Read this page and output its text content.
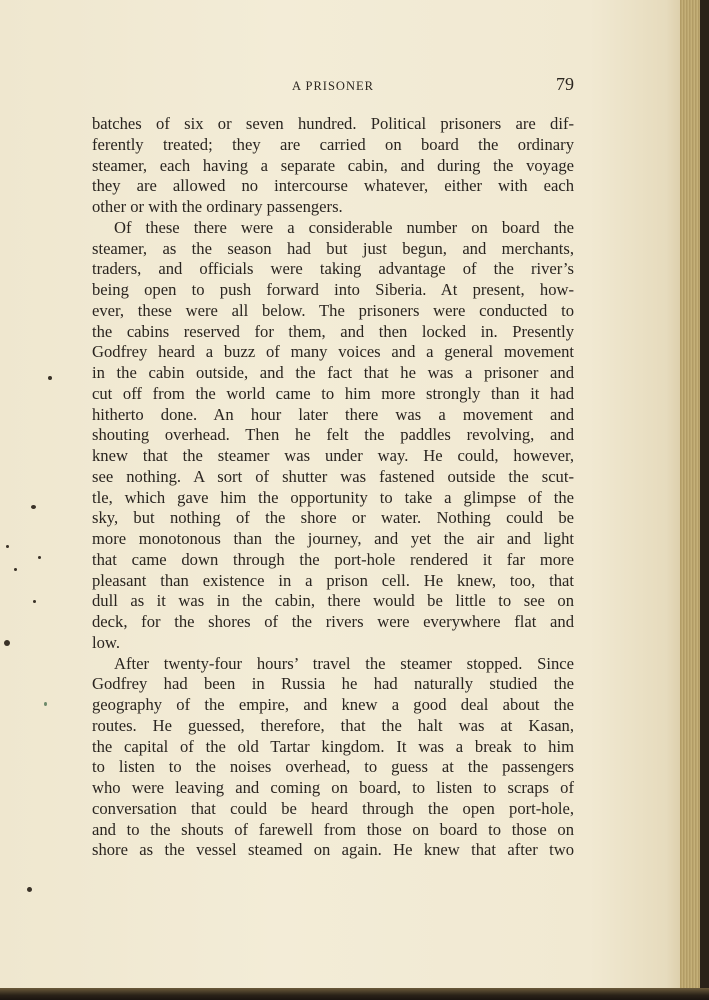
A PRISONER	79
batches of six or seven hundred. Political prisoners are dif-
ferently treated; they are carried on board the ordinary
steamer, each having a separate cabin, and during the voyage
they are allowed no intercourse whatever, either with each
other or with the ordinary passengers.
Of these there were a considerable number on board the
steamer, as the season had but just begun, and merchants,
traders, and officials were taking advantage of the river’s
being open to push forward into Siberia. At present, how-
ever, these were all below. The prisoners were conducted to
the cabins reserved for them, and then locked in. Presently
Godfrey heard a buzz of many voices and a general movement
in the cabin outside, and the fact that he was a prisoner and
cut off from the world came to him more strongly than it had
hitherto done. An hour later there was a movement and
shouting overhead. Then he felt the paddles revolving, and
knew that the steamer was under way. He could, however,
see nothing. A sort of shutter was fastened outside the scut-
tle, which gave him the opportunity to take a glimpse of the
sky, but nothing of the shore or water. Nothing could be
more monotonous than the journey, and yet the air and light
that came down through the port-hole rendered it far more
pleasant than existence in a prison cell. He knew, too, that
dull as it was in the cabin, there would be little to see on
deck, for the shores of the rivers were everywhere flat and
low.
After twenty-four hours’ travel the steamer stopped. Since
Godfrey had been in Russia he had naturally studied the
geography of the empire, and knew a good deal about the
routes. He guessed, therefore, that the halt was at Kasan,
the capital of the old Tartar kingdom. It was a break to him
to listen to the noises overhead, to guess at the passengers
who were leaving and coming on board, to listen to scraps of
conversation that could be heard through the open port-hole,
and to the shouts of farewell from those on board to those on
shore as the vessel steamed on again. He knew that after two
